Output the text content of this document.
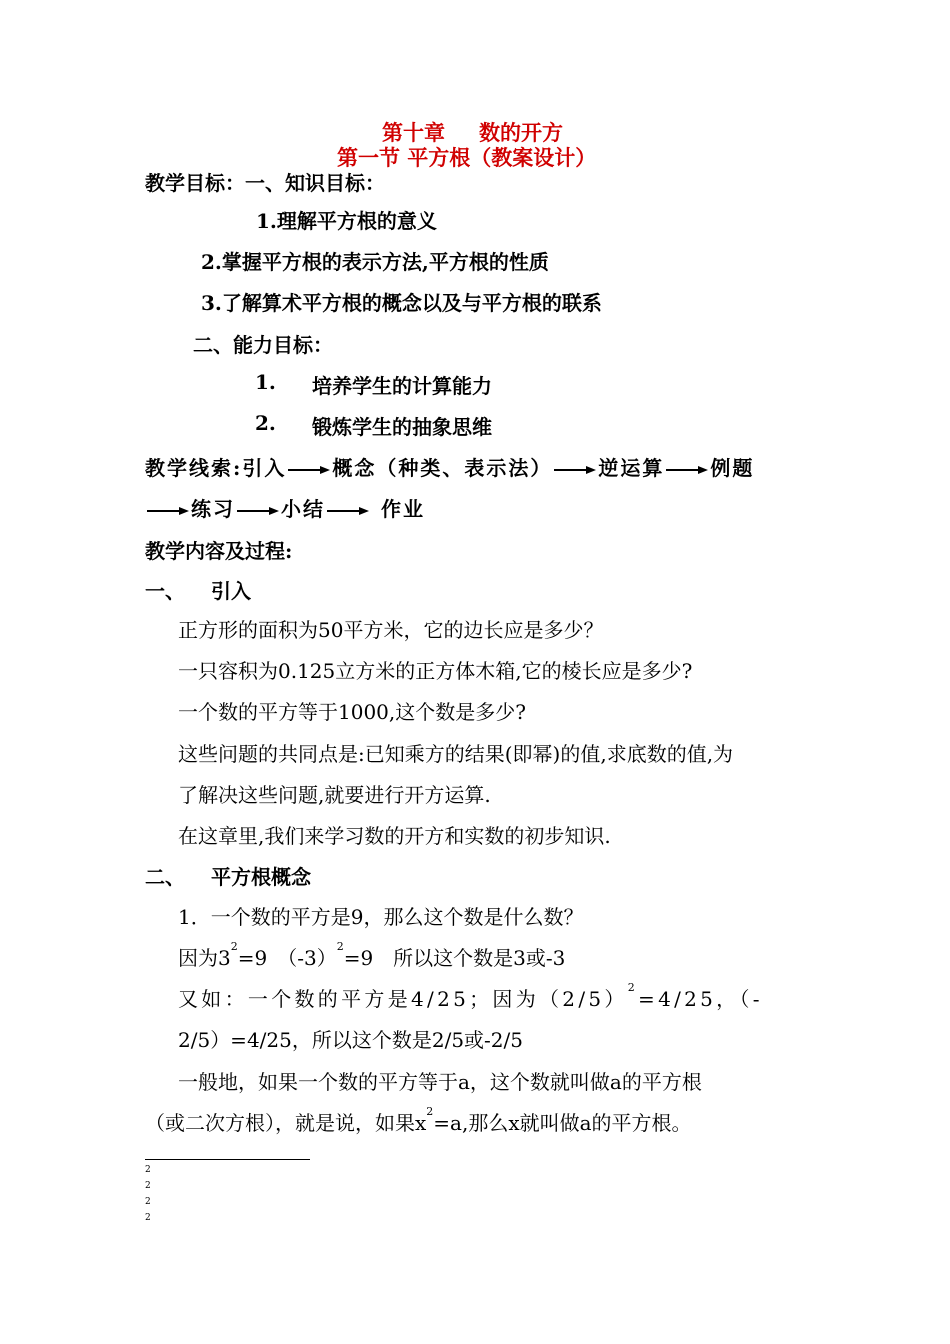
第十章 数的开方
第一节 平方根（教案设计）
教学目标：一、知识目标：
1.理解平方根的意义
2.掌握平方根的表示方法,平方根的性质
3.了解算术平方根的概念以及与平方根的联系
二、能力目标：
1. 培养学生的计算能力
2. 锻炼学生的抽象思维
教学线索:引入 概念（种类、表示法） 逆运算 例题
练习 小结	作业
教学内容及过程:
一、 引入
正方形的面积为50平方米，它的边长应是多少？
一只容积为0.125立方米的正方体木箱,它的棱长应是多少?
一个数的平方等于1000,这个数是多少?
这些问题的共同点是:已知乘方的结果(即幂)的值,求底数的值,为
了解决这些问题,就要进行开方运算.
在这章里,我们来学习数的开方和实数的初步知识.
二、 平方根概念
1．一个数的平方是9，那么这个数是什么数？
因为$3^2=9$　$(-3)^2=9$　所以这个数是3或-3
又如：一个数的平方是4/25；因为$(2/5)^2=4/25$，（-
2/5）=4/25，所以这个数是2/5或-2/5
一般地，如果一个数的平方等于a，这个数就叫做a的平方根
（或二次方根），就是说，如果$x^2=a$,那么x就叫做a的平方根。
2
2
2
2
